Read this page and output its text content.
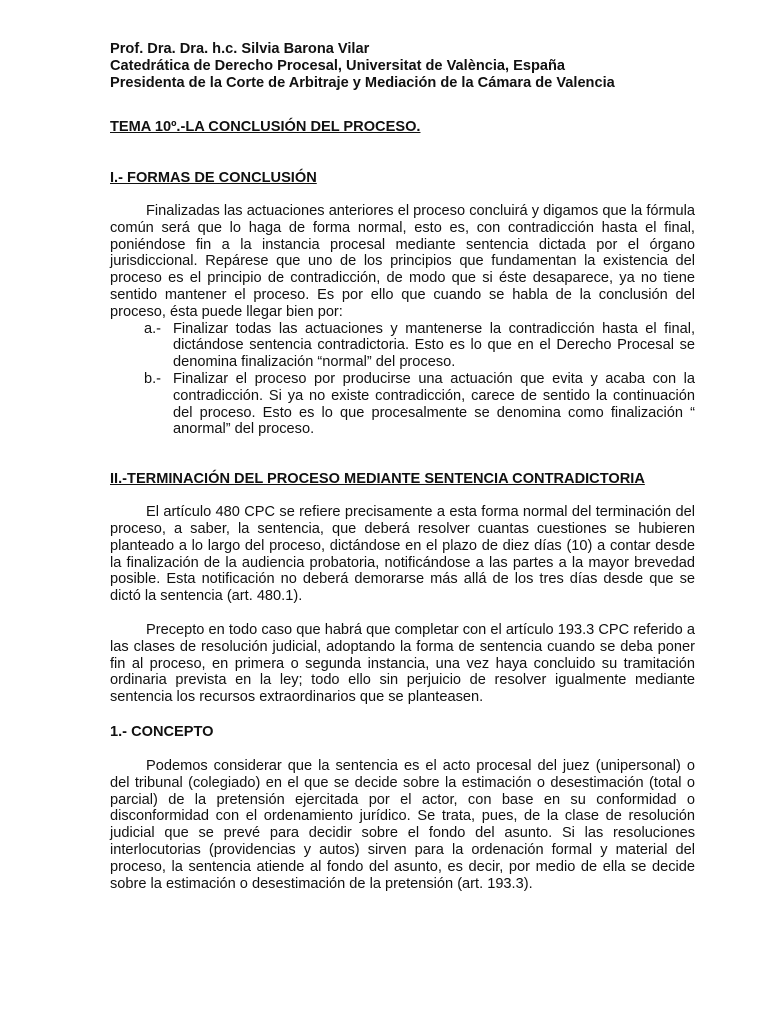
Prof. Dra. Dra. h.c. Silvia Barona Vilar
Catedrática de Derecho Procesal, Universitat de València, España
Presidenta de la Corte de Arbitraje y Mediación de la Cámara de Valencia
TEMA 10º.-LA CONCLUSIÓN DEL PROCESO.
I.- FORMAS DE CONCLUSIÓN

Finalizadas las actuaciones anteriores el proceso concluirá y digamos que la fórmula común será que lo haga de forma normal, esto es, con contradicción hasta el final, poniéndose fin a la instancia procesal mediante sentencia dictada por el órgano jurisdiccional. Repárese que uno de los principios que fundamentan la existencia del proceso es el principio de contradicción, de modo que si éste desaparece, ya no tiene sentido mantener el proceso. Es por ello que cuando se habla de la conclusión del proceso, ésta puede llegar bien por:

a.- Finalizar todas las actuaciones y mantenerse la contradicción hasta el final, dictándose sentencia contradictoria. Esto es lo que en el Derecho Procesal se denomina finalización “normal” del proceso.
b.- Finalizar el proceso por producirse una actuación que evita y acaba con la contradicción. Si ya no existe contradicción, carece de sentido la continuación del proceso. Esto es lo que procesalmente se denomina como finalización “ anormal” del proceso.
II.-TERMINACIÓN DEL PROCESO MEDIANTE SENTENCIA CONTRADICTORIA

El artículo 480 CPC se refiere precisamente a esta forma normal del terminación del proceso, a saber, la sentencia, que deberá resolver cuantas cuestiones se hubieren planteado a lo largo del proceso, dictándose en el plazo de diez días (10) a contar desde la finalización de la audiencia probatoria, notificándose a las partes a la mayor brevedad posible. Esta notificación no deberá demorarse más allá de los tres días desde que se dictó la sentencia (art. 480.1).

Precepto en todo caso que habrá que completar con el artículo 193.3 CPC referido a las clases de resolución judicial, adoptando la forma de sentencia cuando se deba poner fin al proceso, en primera o segunda instancia, una vez haya concluido su tramitación ordinaria prevista en la ley; todo ello sin perjuicio de resolver igualmente mediante sentencia los recursos extraordinarios que se planteasen.

1.- CONCEPTO

Podemos considerar que la sentencia es el acto procesal del juez (unipersonal) o del tribunal (colegiado) en el que se decide sobre la estimación o desestimación (total o parcial) de la pretensión ejercitada por el actor, con base en su conformidad o disconformidad con el ordenamiento jurídico. Se trata, pues, de la clase de resolución judicial que se prevé para decidir sobre el fondo del asunto. Si las resoluciones interlocutorias (providencias y autos) sirven para la ordenación formal y material del proceso, la sentencia atiende al fondo del asunto, es decir, por medio de ella se decide sobre la estimación o desestimación de la pretensión (art. 193.3).
